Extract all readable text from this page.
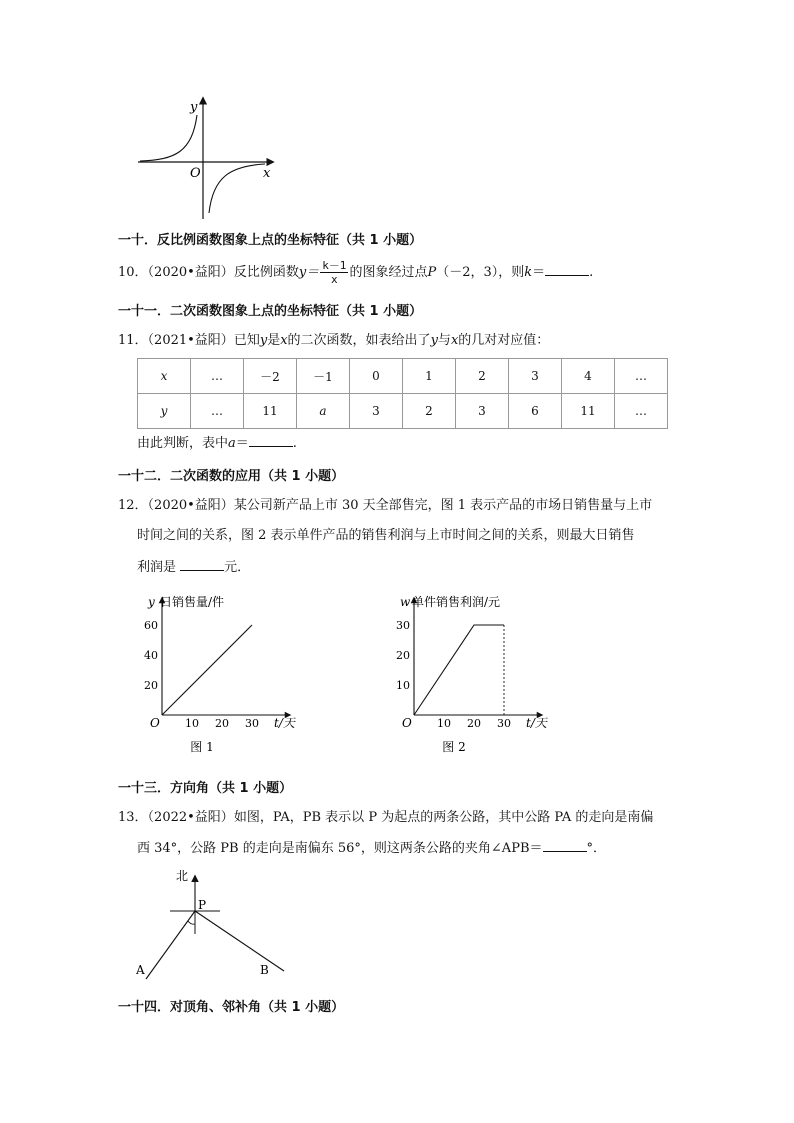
y
x
O
一十．反比例函数图象上点的坐标特征（共 1 小题）
10．（2020•益阳）反比例函数$y= \frac{k-1}{x}$ 的图象经过点P（－2，3），则k＝	.
一十一．二次函数图象上点的坐标特征（共 1 小题）
11．（2021•益阳）已知y是x的二次函数，如表给出了y与x的几对对应值：
x	…	－2	－1	0	1	2	3	4	…
y	…	11	a	3	2	3	6	11	…
由此判断，表中a＝	.
一十二．二次函数的应用（共 1 小题）
12．（2020•益阳）某公司新产品上市 30 天全部售完，图 1 表示产品的市场日销售量与上市
时间之间的关系，图 2 表示单件产品的销售利润与上市时间之间的关系，则最大日销售
利润是	元．
y 日销售量/件
O	t/天
10 20 30
20
40
60
图 1
w 单件销售利润/元
O	t/天
10 20 30
10
20
30
图 2
一十三．方向角（共 1 小题）
13．（2022•益阳）如图，PA，PB 表示以 P 为起点的两条公路，其中公路 PA 的走向是南偏
西 34°，公路 PB 的走向是南偏东 56°，则这两条公路的夹角∠APB＝	°．
北
P
A	B
一十四．对顶角、邻补角（共 1 小题）
